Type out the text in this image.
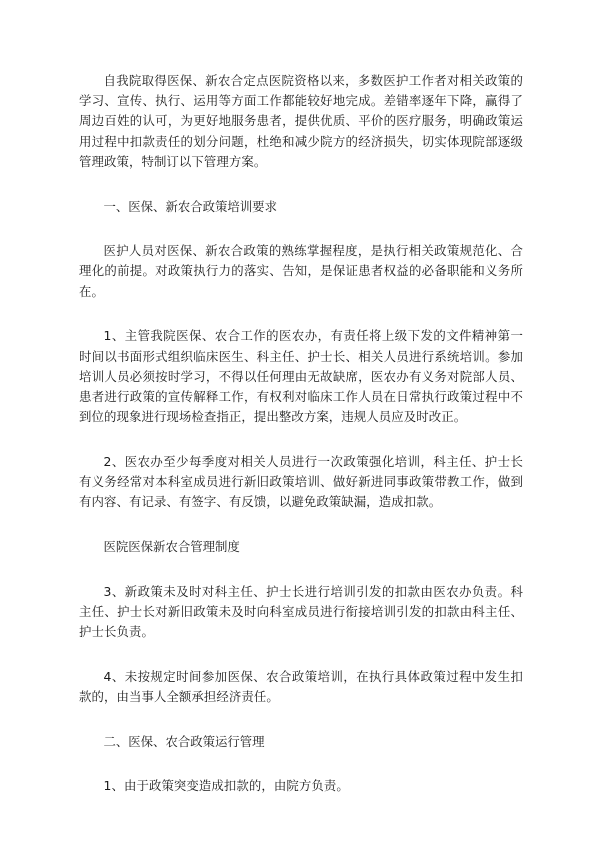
自我院取得医保、新农合定点医院资格以来，多数医护工作者对相关政策的学习、宣传、执行、运用等方面工作都能较好地完成。差错率逐年下降，赢得了周边百姓的认可，为更好地服务患者，提供优质、平价的医疗服务，明确政策运用过程中扣款责任的划分问题，杜绝和减少院方的经济损失，切实体现院部逐级管理政策，特制订以下管理方案。

一、医保、新农合政策培训要求

医护人员对医保、新农合政策的熟练掌握程度，是执行相关政策规范化、合理化的前提。对政策执行力的落实、告知，是保证患者权益的必备职能和义务所在。

1、主管我院医保、农合工作的医农办，有责任将上级下发的文件精神第一时间以书面形式组织临床医生、科主任、护士长、相关人员进行系统培训。参加培训人员必须按时学习，不得以任何理由无故缺席，医农办有义务对院部人员、患者进行政策的宣传解释工作，有权利对临床工作人员在日常执行政策过程中不到位的现象进行现场检查指正，提出整改方案，违规人员应及时改正。

2、医农办至少每季度对相关人员进行一次政策强化培训，科主任、护士长有义务经常对本科室成员进行新旧政策培训、做好新进同事政策带教工作，做到有内容、有记录、有签字、有反馈，以避免政策缺漏，造成扣款。

医院医保新农合管理制度

3、新政策未及时对科主任、护士长进行培训引发的扣款由医农办负责。科主任、护士长对新旧政策未及时向科室成员进行衔接培训引发的扣款由科主任、护士长负责。

4、未按规定时间参加医保、农合政策培训，在执行具体政策过程中发生扣款的，由当事人全额承担经济责任。

二、医保、农合政策运行管理

1、由于政策突变造成扣款的，由院方负责。
